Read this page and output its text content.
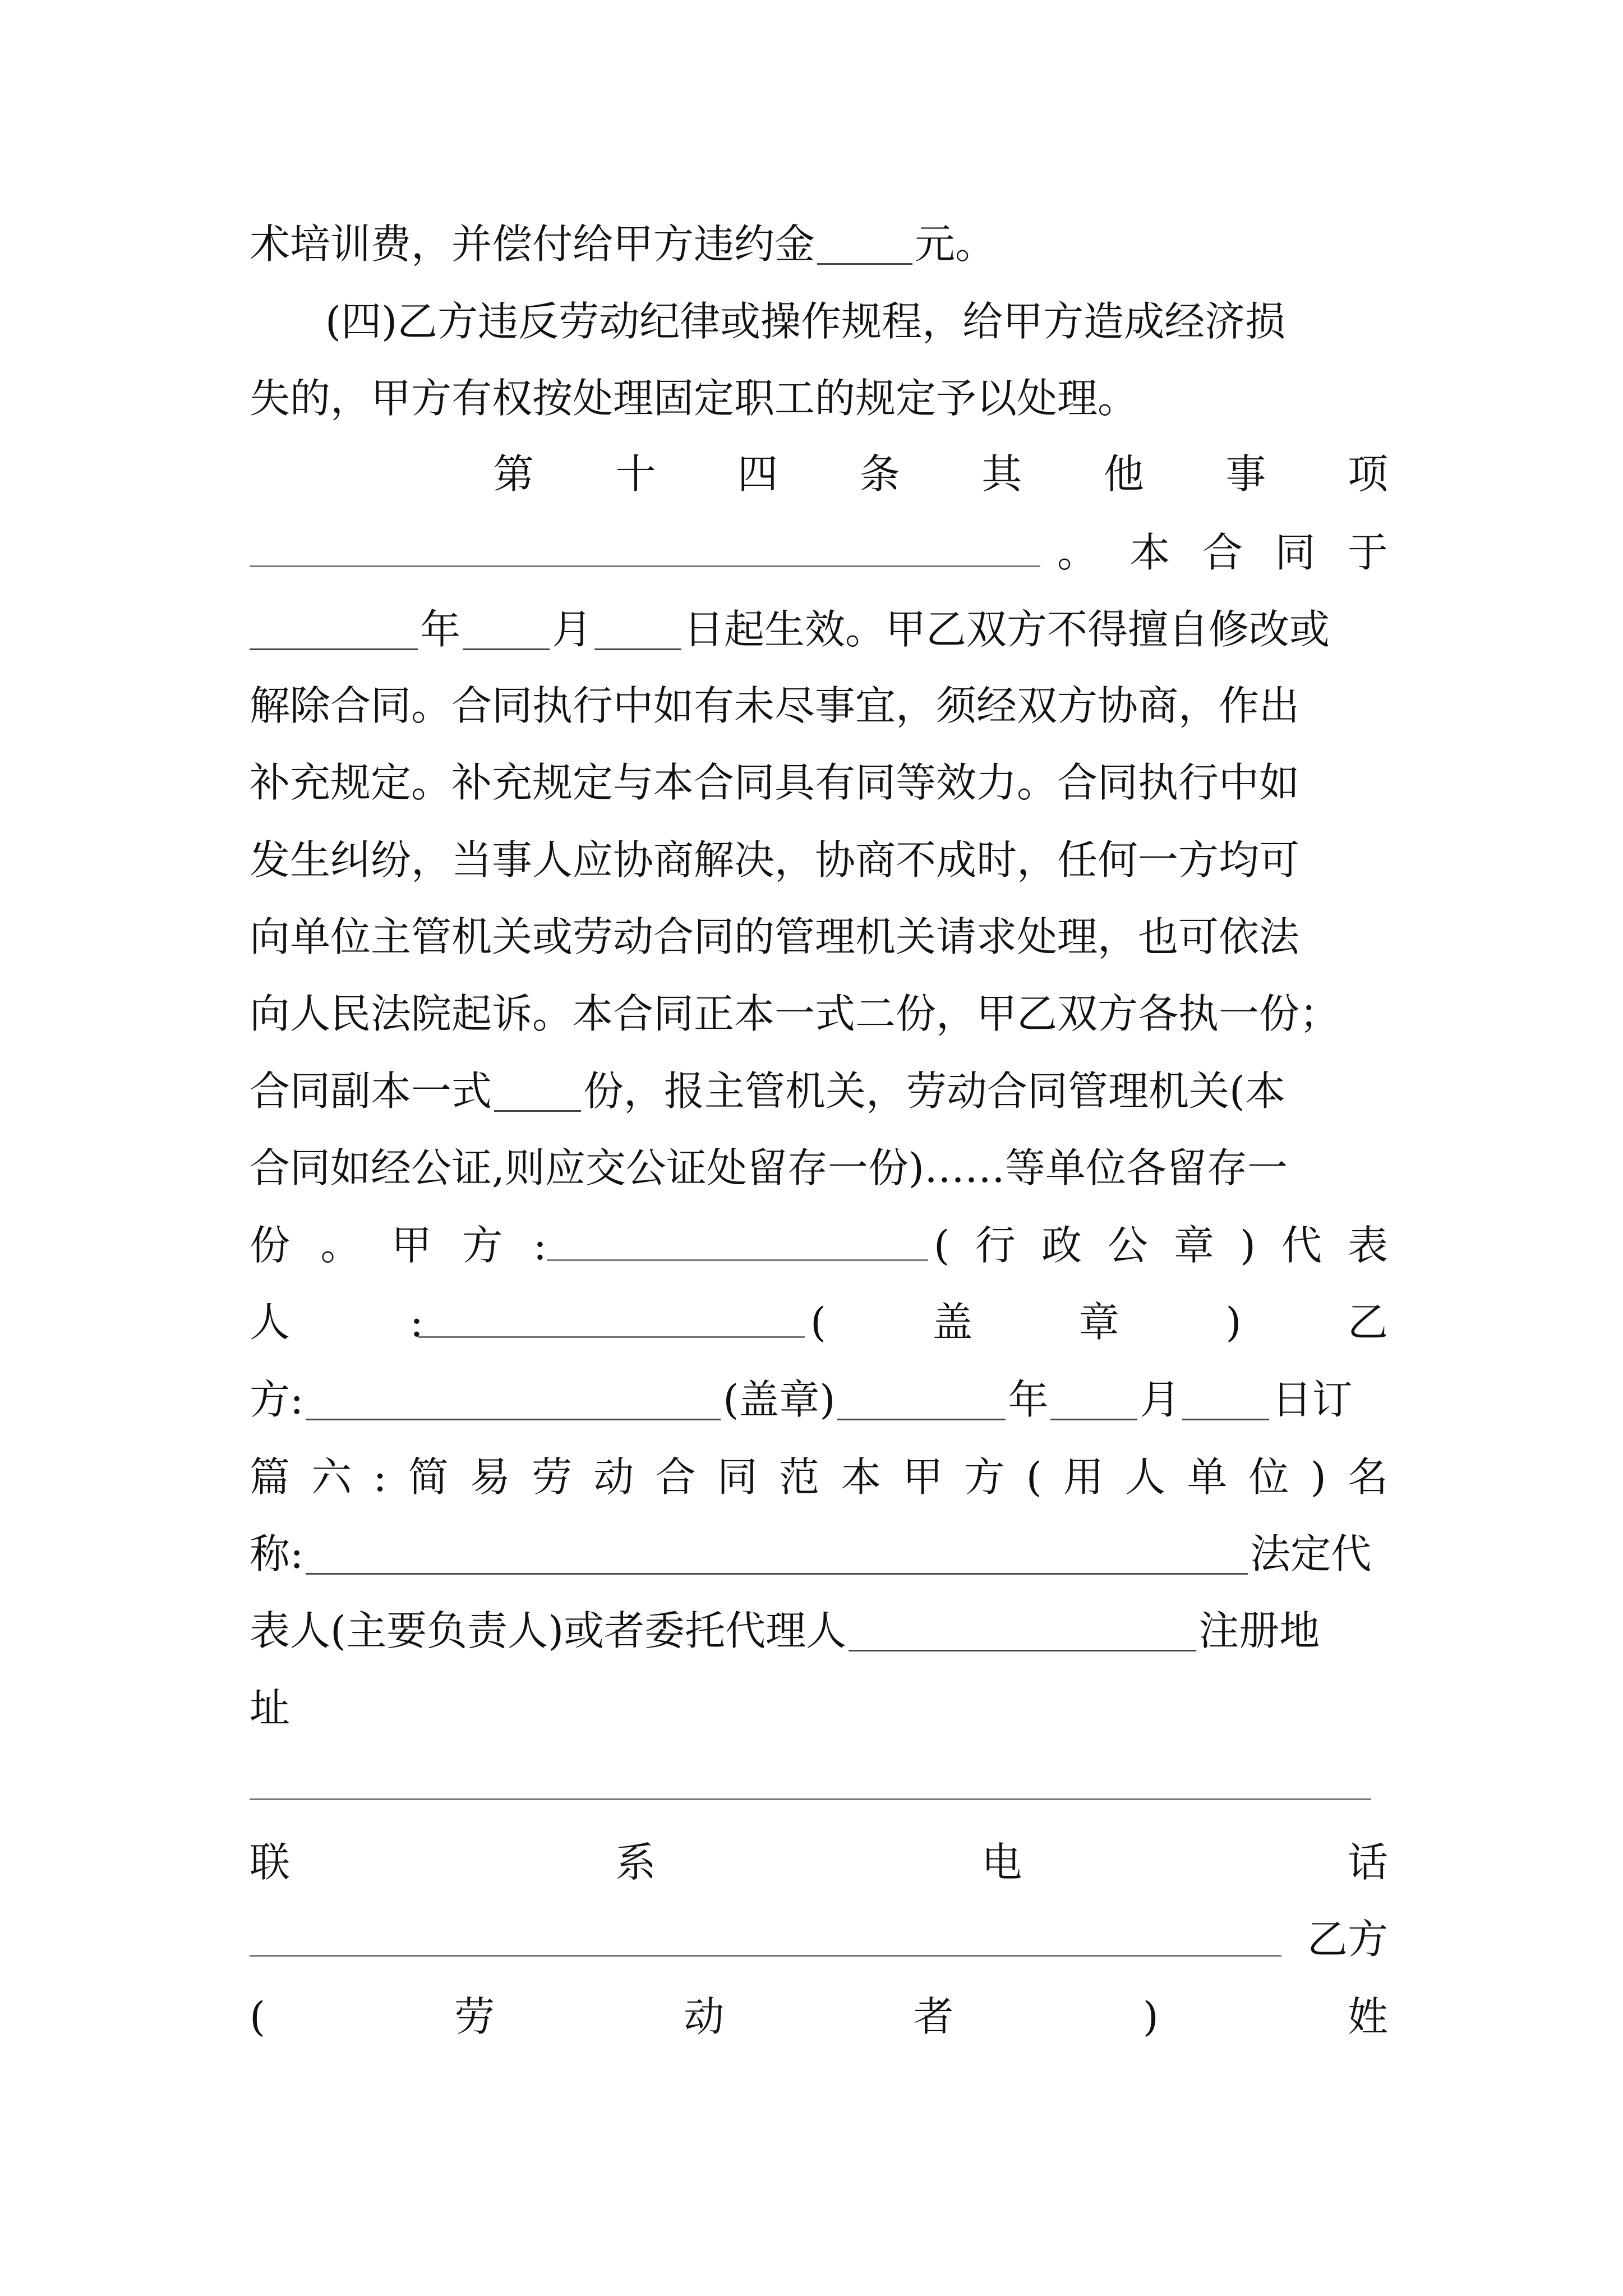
术培训费，并偿付给甲方违约金 元。
(四)乙方违反劳动纪律或操作规程，给甲方造成经济损
失的，甲方有权按处理固定职工的规定予以处理。
第 十 四 条 其 他 事 项
。 本 合 同 于
年 月 日起生效。甲乙双方不得擅自修改或
解除合同。合同执行中如有未尽事宜，须经双方协商，作出
补充规定。补充规定与本合同具有同等效力。合同执行中如
发生纠纷，当事人应协商解决，协商不成时，任何一方均可
向单位主管机关或劳动合同的管理机关请求处理，也可依法
向人民法院起诉。本合同正本一式二份，甲乙双方各执一份；
合同副本一式 份，报主管机关，劳动合同管理机关(本
合同如经公证,则应交公证处留存一份)……等单位各留存一
份 。 甲 方 :	( 行 政 公 章 ) 代 表
人	:	(	盖	章	)	乙
方:	(盖章)	年 月 日订
篇 六 : 简 易 劳 动 合 同 范 本 甲 方 ( 用 人 单 位 ) 名
称:	法定代
表人(主要负责人)或者委托代理人	注册地
址
联	系	电	话
乙方
(	劳	动	者	)	姓
